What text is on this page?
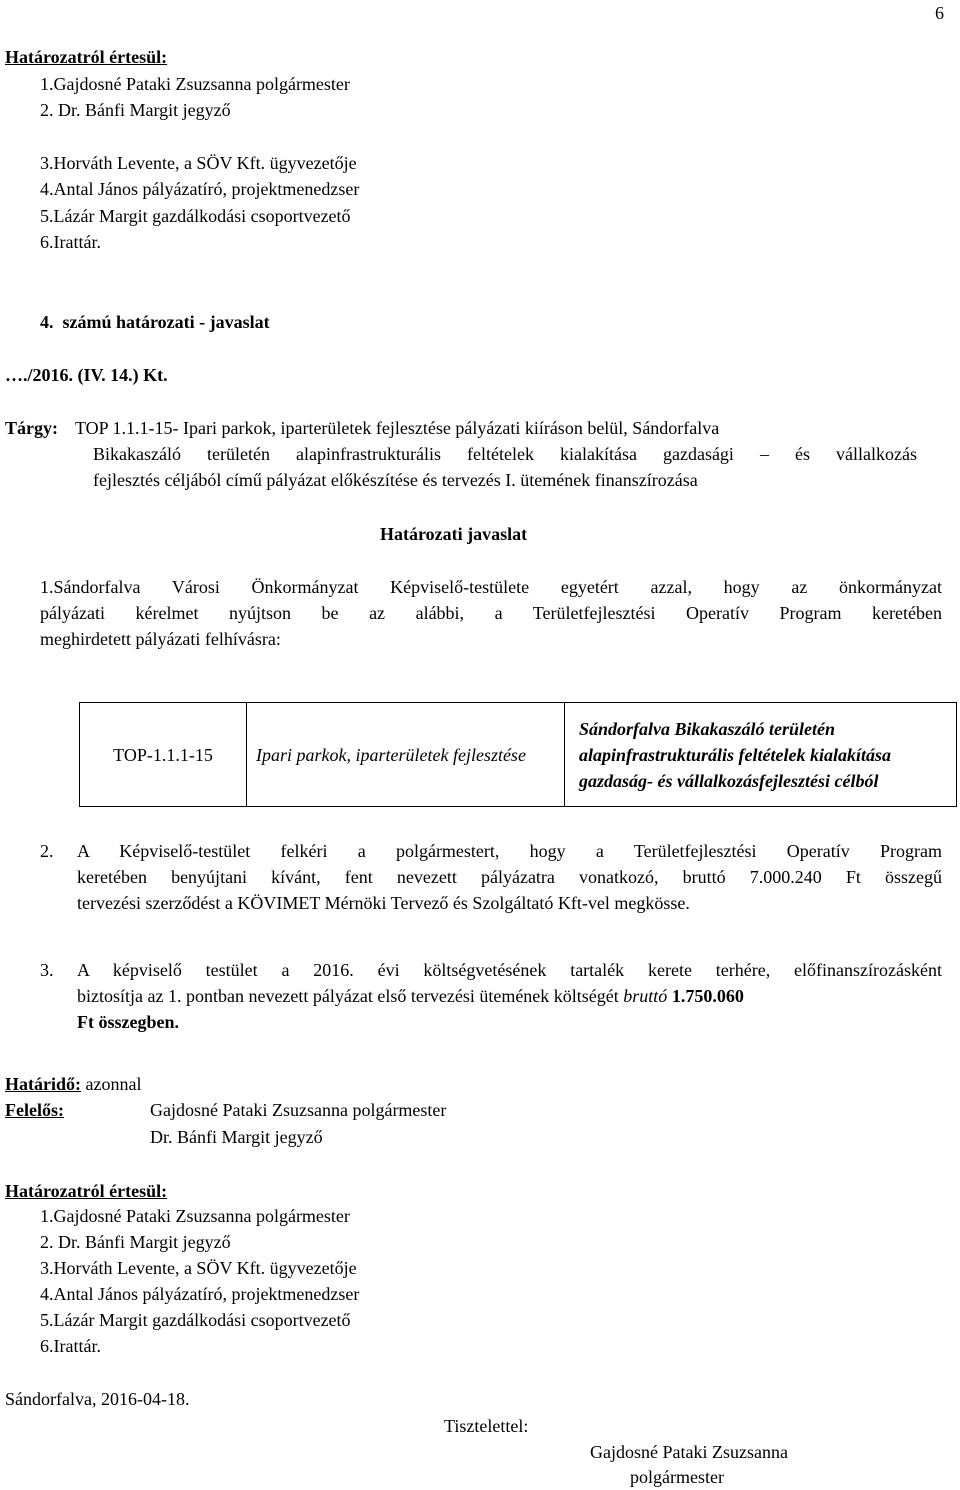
6
Határozatról értesül:
1.Gajdosné Pataki Zsuzsanna polgármester
2. Dr. Bánfi Margit jegyző
3.Horváth Levente, a SÖV Kft. ügyvezetője
4.Antal János pályázatíró, projektmenedzser
5.Lázár Margit gazdálkodási csoportvezető
6.Irattár.
4.  számú határozati - javaslat
…./2016. (IV. 14.) Kt.
Tárgy: TOP 1.1.1-15- Ipari parkok, iparterületek fejlesztése pályázati kiíráson belül, Sándorfalva
Bikakaszáló területén alapinfrastrukturális feltételek kialakítása gazdasági – és vállalkozás
fejlesztés céljából című pályázat előkészítése és tervezés I. ütemének finanszírozása
Határozati javaslat
1.Sándorfalva Városi Önkormányzat Képviselő-testülete egyetért azzal, hogy az önkormányzat
pályázati kérelmet nyújtson be az alábbi, a Területfejlesztési Operatív Program keretében
meghirdetett pályázati felhívásra:
TOP-1.1.1-15	Ipari parkok, iparterületek fejlesztése	Sándorfalva Bikakaszáló területén alapinfrastrukturális feltételek kialakítása gazdaság- és vállalkozásfejlesztési célból
2. A Képviselő-testület felkéri a polgármestert, hogy a Területfejlesztési Operatív Program
keretében benyújtani kívánt, fent nevezett pályázatra vonatkozó, bruttó 7.000.240 Ft összegű
tervezési szerződést a KÖVIMET Mérnöki Tervező és Szolgáltató Kft-vel megkösse.
3. A képviselő testület a 2016. évi költségvetésének tartalék kerete terhére, előfinanszírozásként
biztosítja az 1. pontban nevezett pályázat első tervezési ütemének költségét bruttó 1.750.060
Ft összegben.
Határidő: azonnal
Felelős:	Gajdosné Pataki Zsuzsanna polgármester
Dr. Bánfi Margit jegyző
Határozatról értesül:
1.Gajdosné Pataki Zsuzsanna polgármester
2. Dr. Bánfi Margit jegyző
3.Horváth Levente, a SÖV Kft. ügyvezetője
4.Antal János pályázatíró, projektmenedzser
5.Lázár Margit gazdálkodási csoportvezető
6.Irattár.
Sándorfalva, 2016-04-18.
Tisztelettel:
Gajdosné Pataki Zsuzsanna
polgármester
